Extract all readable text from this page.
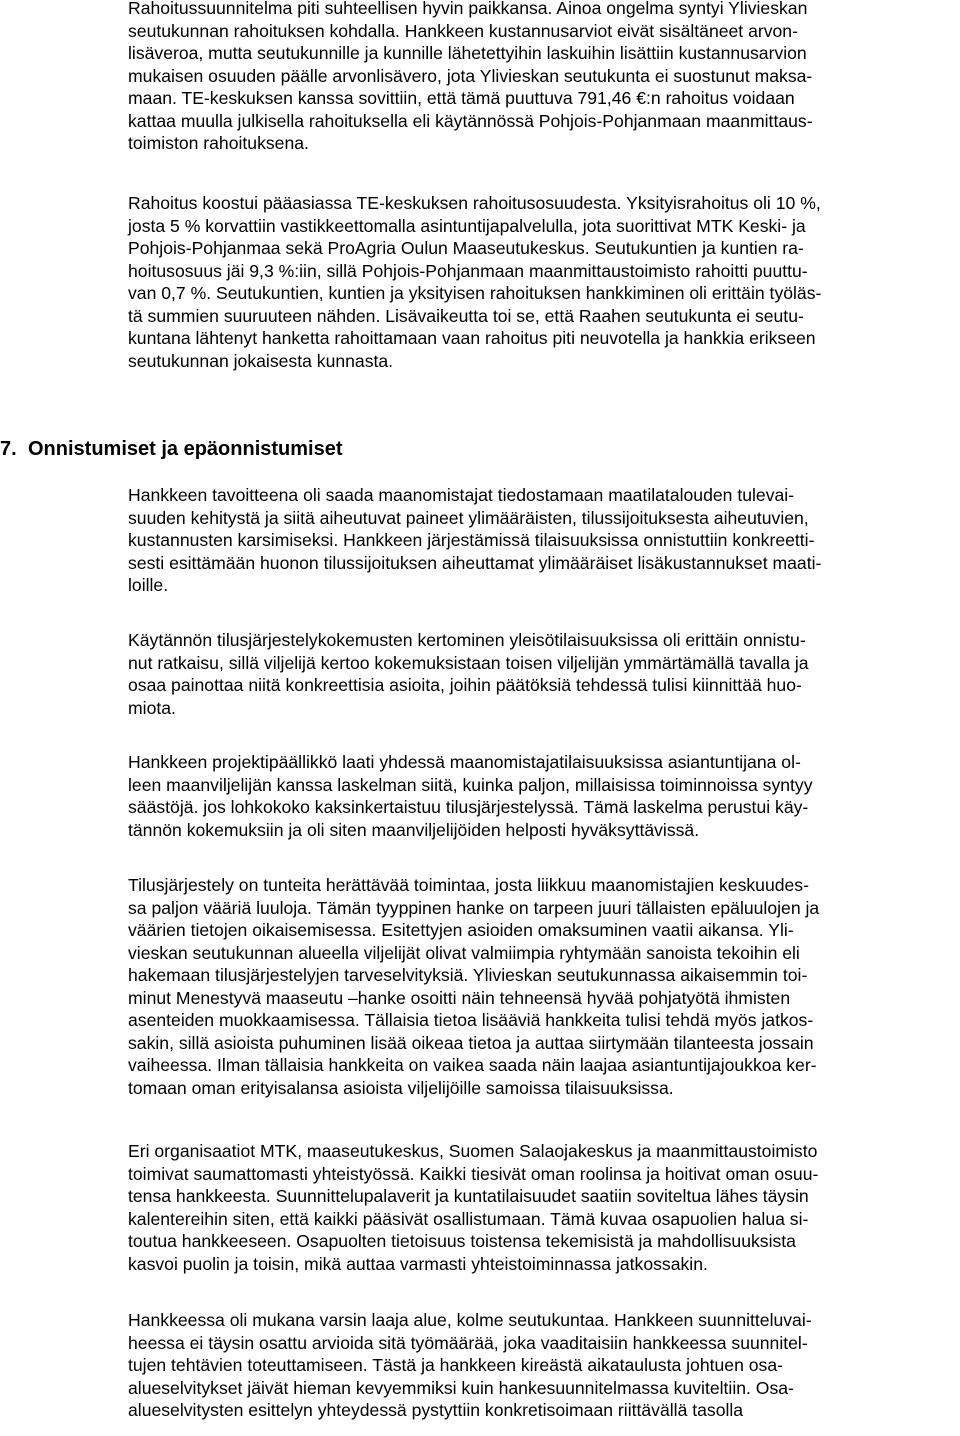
Rahoitussuunnitelma piti suhteellisen hyvin paikkansa. Ainoa ongelma syntyi Ylivieskan
seutukunnan rahoituksen kohdalla. Hankkeen kustannusarviot eivät sisältäneet arvon-
lisäveroa, mutta seutukunnille ja kunnille lähetettyihin laskuihin lisättiin kustannusarvion
mukaisen osuuden päälle arvonlisävero, jota Ylivieskan seutukunta ei suostunut maksa-
maan. TE-keskuksen kanssa sovittiin, että tämä puuttuva 791,46 €:n rahoitus voidaan
kattaa muulla julkisella rahoituksella eli käytännössä Pohjois-Pohjanmaan maanmittaus-
toimiston rahoituksena.

Rahoitus koostui pääasiassa TE-keskuksen rahoitusosuudesta. Yksityisrahoitus oli 10 %,
josta 5 % korvattiin vastikkeettomalla asintuntijapalvelulla, jota suorittivat MTK Keski- ja
Pohjois-Pohjanmaa sekä ProAgria Oulun Maaseutukeskus. Seutukuntien ja kuntien ra-
hoitusosuus jäi 9,3 %:iin, sillä Pohjois-Pohjanmaan maanmittaustoimisto rahoitti puuttu-
van 0,7 %. Seutukuntien, kuntien ja yksityisen rahoituksen hankkiminen oli erittäin työläs-
tä summien suuruuteen nähden. Lisävaikeutta toi se, että Raahen seutukunta ei seutu-
kuntana lähtenyt hanketta rahoittamaan vaan rahoitus piti neuvotella ja hankkia erikseen
seutukunnan jokaisesta kunnasta.

7. Onnistumiset ja epäonnistumiset

Hankkeen tavoitteena oli saada maanomistajat tiedostamaan maatilatalouden tulevai-
suuden kehitystä ja siitä aiheutuvat paineet ylimääräisten, tilussijoituksesta aiheutuvien,
kustannusten karsimiseksi. Hankkeen järjestämissä tilaisuuksissa onnistuttiin konkreetti-
sesti esittämään huonon tilussijoituksen aiheuttamat ylimääräiset lisäkustannukset maati-
loille.

Käytännön tilusjärjestelykokemusten kertominen yleisötilaisuuksissa oli erittäin onnistu-
nut ratkaisu, sillä viljelijä kertoo kokemuksistaan toisen viljelijän ymmärtämällä tavalla ja
osaa painottaa niitä konkreettisia asioita, joihin päätöksiä tehdessä tulisi kiinnittää huo-
miota.

Hankkeen projektipäällikkö laati yhdessä maanomistajatilaisuuksissa asiantuntijana ol-
leen maanviljelijän kanssa laskelman siitä, kuinka paljon, millaisissa toiminnoissa syntyy
säästöjä. jos lohkokoko kaksinkertaistuu tilusjärjestelyssä. Tämä laskelma perustui käy-
tännön kokemuksiin ja oli siten maanviljelijöiden helposti hyväksyttävissä.

Tilusjärjestely on tunteita herättävää toimintaa, josta liikkuu maanomistajien keskuudes-
sa paljon vääriä luuloja. Tämän tyyppinen hanke on tarpeen juuri tällaisten epäluulojen ja
väärien tietojen oikaisemisessa. Esitettyjen asioiden omaksuminen vaatii aikansa. Yli-
vieskan seutukunnan alueella viljelijät olivat valmiimpia ryhtymään sanoista tekoihin eli
hakemaan tilusjärjestelyjen tarveselvityksiä. Ylivieskan seutukunnassa aikaisemmin toi-
minut Menestyvä maaseutu –hanke osoitti näin tehneensä hyvää pohjatyötä ihmisten
asenteiden muokkaamisessa. Tällaisia tietoa lisääviä hankkeita tulisi tehdä myös jatkos-
sakin, sillä asioista puhuminen lisää oikeaa tietoa ja auttaa siirtymään tilanteesta jossain
vaiheessa. Ilman tällaisia hankkeita on vaikea saada näin laajaa asiantuntijajoukkoa ker-
tomaan oman erityisalansa asioista viljelijöille samoissa tilaisuuksissa.

Eri organisaatiot MTK, maaseutukeskus, Suomen Salaojakeskus ja maanmittaustoimisto
toimivat saumattomasti yhteistyössä. Kaikki tiesivät oman roolinsa ja hoitivat oman osuu-
tensa hankkeesta. Suunnittelupalaverit ja kuntatilaisuudet saatiin soviteltua lähes täysin
kalentereihin siten, että kaikki pääsivät osallistumaan. Tämä kuvaa osapuolien halua si-
toutua hankkeeseen. Osapuolten tietoisuus toistensa tekemisistä ja mahdollisuuksista
kasvoi puolin ja toisin, mikä auttaa varmasti yhteistoiminnassa jatkossakin.

Hankkeessa oli mukana varsin laaja alue, kolme seutukuntaa. Hankkeen suunnitteluvai-
heessa ei täysin osattu arvioida sitä työmäärää, joka vaaditaisiin hankkeessa suunnitel-
tujen tehtävien toteuttamiseen. Tästä ja hankkeen kireästä aikataulusta johtuen osa-
alueselvitykset jäivät hieman kevyemmiksi kuin hankesuunnitelmassa kuviteltiin. Osa-
alueselvitysten esittelyn yhteydessä pystyttiin konkretisoimaan riittävällä tasolla
